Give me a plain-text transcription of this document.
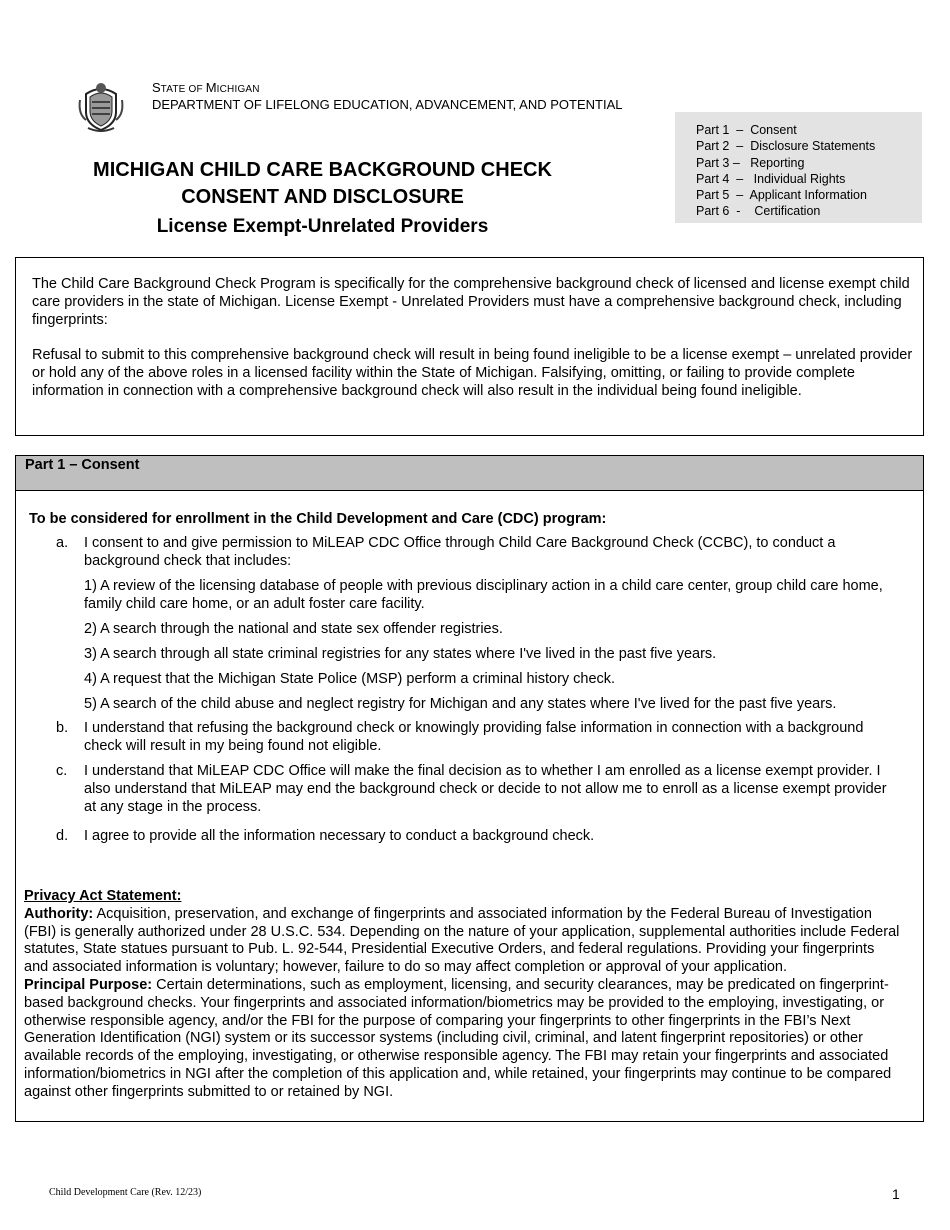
STATE OF MICHIGAN
DEPARTMENT OF LIFELONG EDUCATION, ADVANCEMENT, AND POTENTIAL
MICHIGAN CHILD CARE BACKGROUND CHECK
CONSENT AND DISCLOSURE
License Exempt-Unrelated Providers
Part 1  –  Consent
Part 2  –  Disclosure Statements
Part 3 –   Reporting
Part 4  –   Individual Rights
Part 5  –  Applicant Information
Part 6  -    Certification

The Child Care Background Check Program is specifically for the comprehensive background check of licensed and license exempt child care providers in the state of Michigan. License Exempt - Unrelated Providers must have a comprehensive background check, including fingerprints:

Refusal to submit to this comprehensive background check will result in being found ineligible to be a license exempt – unrelated provider or hold any of the above roles in a licensed facility within the State of Michigan. Falsifying, omitting, or failing to provide complete information in connection with a comprehensive background check will also result in the individual being found ineligible.

Part 1 – Consent
To be considered for enrollment in the Child Development and Care (CDC) program:
a. I consent to and give permission to MiLEAP CDC Office through Child Care Background Check (CCBC), to conduct a background check that includes:
1) A review of the licensing database of people with previous disciplinary action in a child care center, group child care home, family child care home, or an adult foster care facility.
2) A search through the national and state sex offender registries.
3) A search through all state criminal registries for any states where I've lived in the past five years.
4) A request that the Michigan State Police (MSP) perform a criminal history check.
5) A search of the child abuse and neglect registry for Michigan and any states where I've lived for the past five years.
b. I understand that refusing the background check or knowingly providing false information in connection with a background check will result in my being found not eligible.
c. I understand that MiLEAP CDC Office will make the final decision as to whether I am enrolled as a license exempt provider. I also understand that MiLEAP may end the background check or decide to not allow me to enroll as a license exempt provider at any stage in the process.
d. I agree to provide all the information necessary to conduct a background check.
Privacy Act Statement:
Authority: Acquisition, preservation, and exchange of fingerprints and associated information by the Federal Bureau of Investigation (FBI) is generally authorized under 28 U.S.C. 534. Depending on the nature of your application, supplemental authorities include Federal statutes, State statues pursuant to Pub. L. 92-544, Presidential Executive Orders, and federal regulations. Providing your fingerprints and associated information is voluntary; however, failure to do so may affect completion or approval of your application.
Principal Purpose: Certain determinations, such as employment, licensing, and security clearances, may be predicated on fingerprint- based background checks. Your fingerprints and associated information/biometrics may be provided to the employing, investigating, or otherwise responsible agency, and/or the FBI for the purpose of comparing your fingerprints to other fingerprints in the FBI’s Next Generation Identification (NGI) system or its successor systems (including civil, criminal, and latent fingerprint repositories) or other available records of the employing, investigating, or otherwise responsible agency. The FBI may retain your fingerprints and associated information/biometrics in NGI after the completion of this application and, while retained, your fingerprints may continue to be compared against other fingerprints submitted to or retained by NGI.
Child Development Care (Rev. 12/23)	1
